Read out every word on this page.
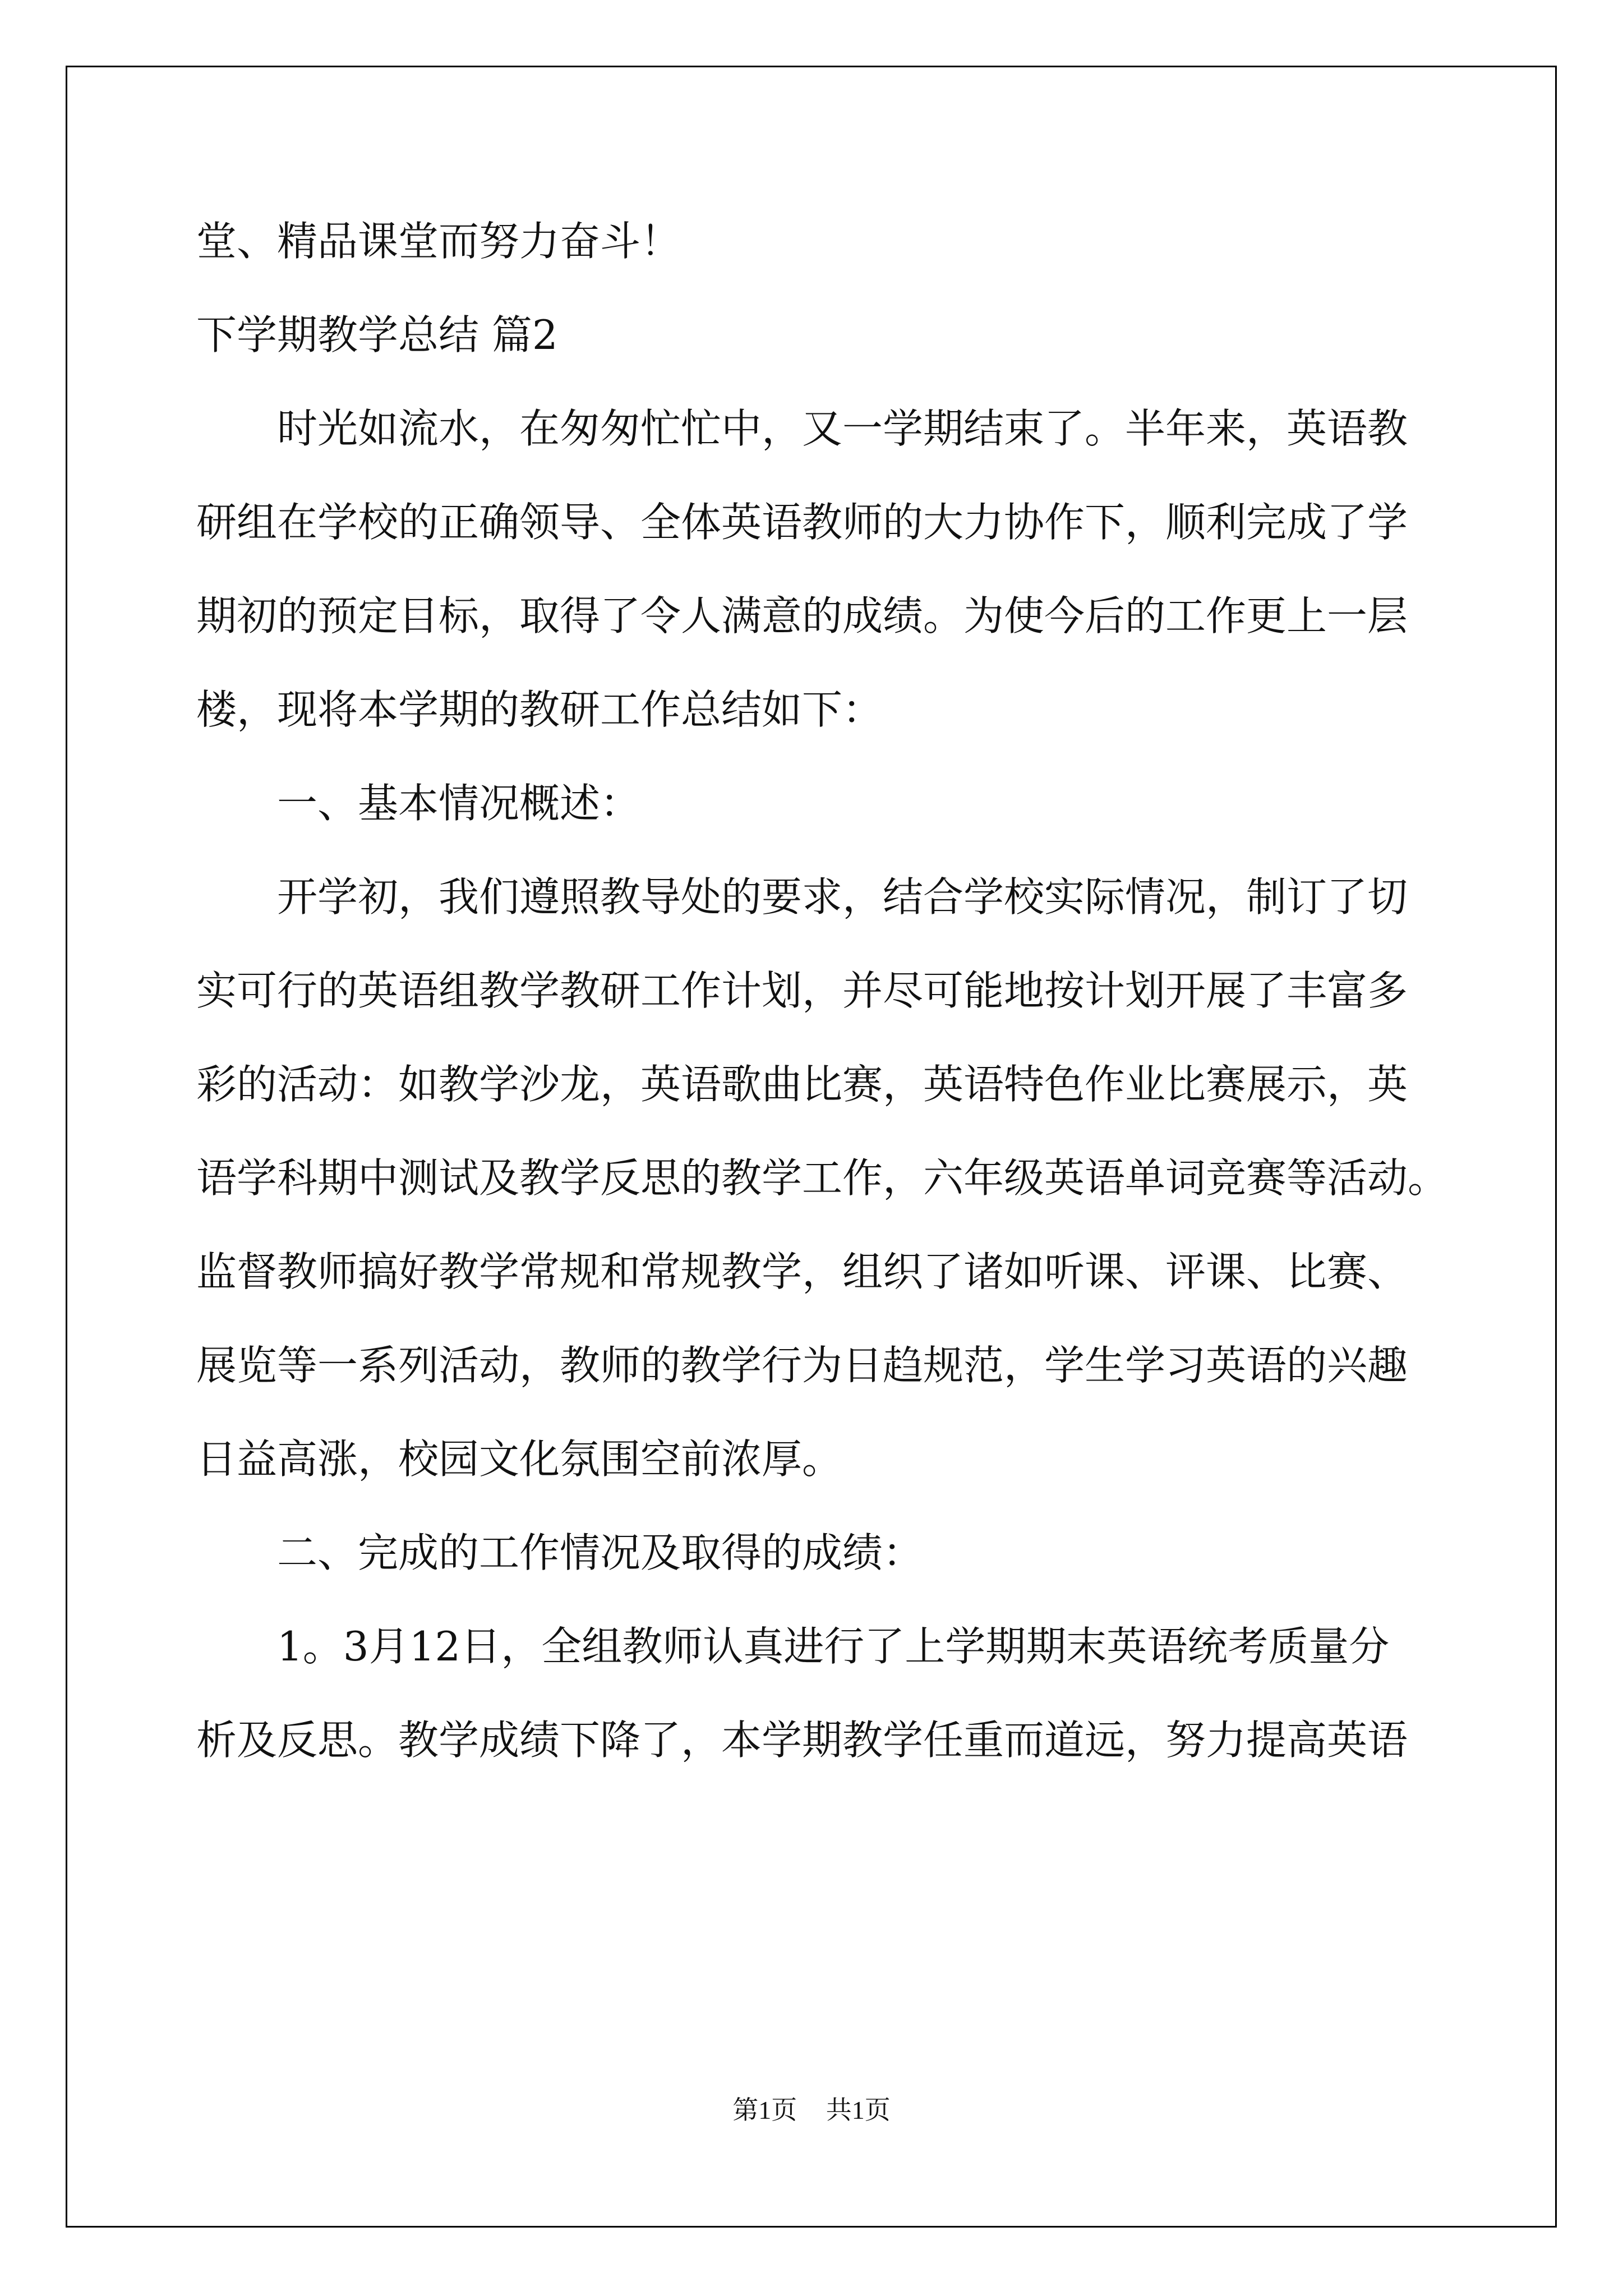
堂、精品课堂而努力奋斗！
下学期教学总结 篇2
　　时光如流水，在匆匆忙忙中，又一学期结束了。半年来，英语教
研组在学校的正确领导、全体英语教师的大力协作下，顺利完成了学
期初的预定目标，取得了令人满意的成绩。为使今后的工作更上一层
楼，现将本学期的教研工作总结如下：
　　一、基本情况概述：
　　开学初，我们遵照教导处的要求，结合学校实际情况，制订了切
实可行的英语组教学教研工作计划，并尽可能地按计划开展了丰富多
彩的活动：如教学沙龙，英语歌曲比赛，英语特色作业比赛展示，英
语学科期中测试及教学反思的教学工作，六年级英语单词竞赛等活动。
监督教师搞好教学常规和常规教学，组织了诸如听课、评课、比赛、
展览等一系列活动，教师的教学行为日趋规范，学生学习英语的兴趣
日益高涨，校园文化氛围空前浓厚。
　　二、完成的工作情况及取得的成绩：
　　1。3月12日，全组教师认真进行了上学期期末英语统考质量分
析及反思。教学成绩下降了，本学期教学任重而道远，努力提高英语
第1页 共1页
